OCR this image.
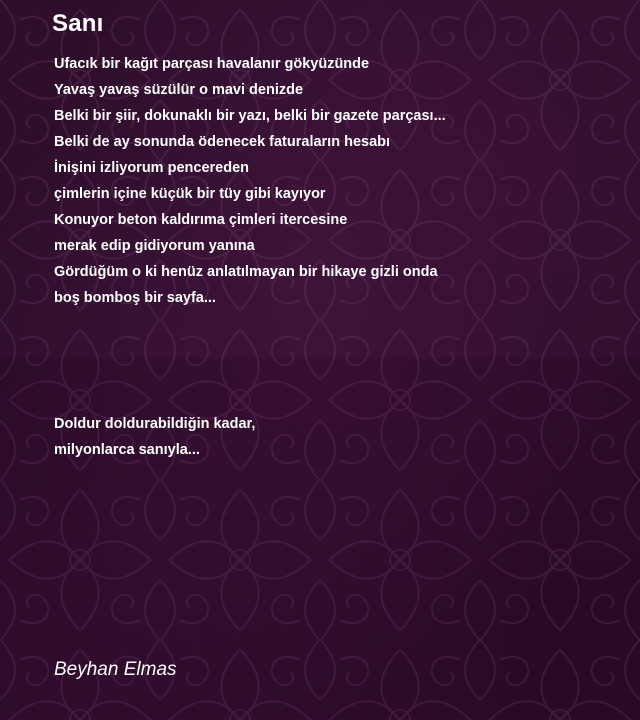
Sanı
Ufacık bir kağıt parçası havalanır gökyüzünde
Yavaş yavaş süzülür o mavi denizde
Belki bir şiir, dokunaklı bir yazı, belki bir gazete parçası...
Belki de ay sonunda ödenecek faturaların hesabı
İnişini izliyorum pencereden
çimlerin içine küçük bir tüy gibi kayıyor
Konuyor beton kaldırıma çimleri itercesine
merak edip gidiyorum yanına
Gördüğüm o ki henüz anlatılmayan bir hikaye gizli onda
boş bomboş bir sayfa...
Doldur doldurabildiğin kadar,
milyonlarca sanıyla...
Beyhan Elmas
